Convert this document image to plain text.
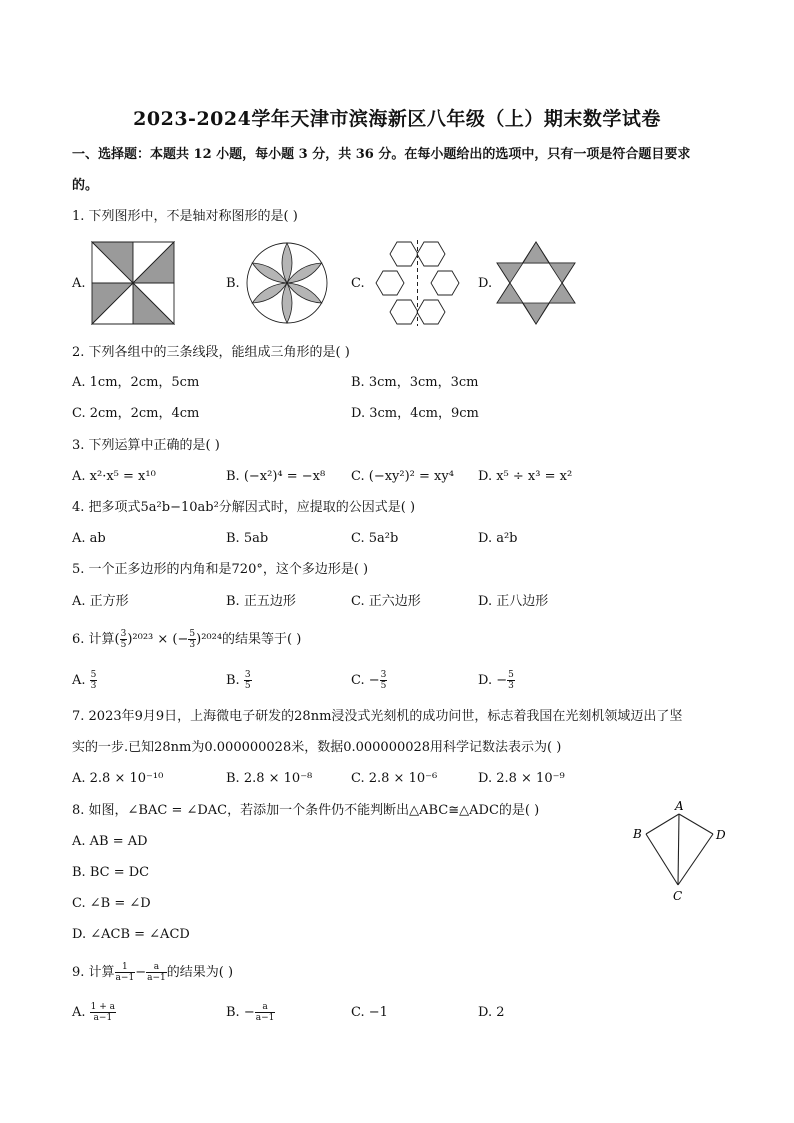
2023-2024学年天津市滨海新区八年级（上）期末数学试卷
一、选择题：本题共 12 小题，每小题 3 分，共 36 分。在每小题给出的选项中，只有一项是符合题目要求
的。
1. 下列图形中，不是轴对称图形的是( )
A.	B.	C.	D.
2. 下列各组中的三条线段，能组成三角形的是( )
A. 1cm，2cm，5cm	B. 3cm，3cm，3cm
C. 2cm，2cm，4cm	D. 3cm，4cm，9cm
3. 下列运算中正确的是( )
A. x²·x⁵ = x¹⁰	B. (−x²)⁴ = −x⁸ C. (−xy²)² = xy⁴ D. x⁵ ÷ x³ = x²
4. 把多项式5a²b−10ab²分解因式时，应提取的公因式是( )
A. ab	B. 5ab	C. 5a²b	D. a²b
5. 一个正多边形的内角和是720°，这个多边形是( )
A. 正方形	B. 正五边形	C. 正六边形	D. 正八边形
6. 计算( $\frac{3}{5} )^{2023}$ × (− $\frac{5}{3} )^{2024}$的结果等于( )
A. $\frac{5}{3}$	B. $\frac{3}{5}$	C. − $\frac{3}{5}$	D. − $\frac{5}{3}$
7. 2023年9月9日，上海微电子研发的28nm浸没式光刻机的成功问世，标志着我国在光刻机领域迈出了坚
实的一步.已知28nm为0.000000028米，数据0.000000028用科学记数法表示为( )
A. 2.8 × 10⁻¹⁰	B. 2.8 × 10⁻⁸	C. 2.8 × 10⁻⁶	D. 2.8 × 10⁻⁹
8. 如图，∠BAC = ∠DAC，若添加一个条件仍不能判断出△ABC≅△ADC的是( )
A. AB = AD
B. BC = DC
C. ∠B = ∠D
D. ∠ACB = ∠ACD
A
B
C
D
9. 计算 $\frac{1}{a-1} - \frac{a}{a-1}$ 的结果为( )
A. $\frac{1 + a}{a-1}$	B. − $\frac{a}{a-1}$	C. −1	D. 2
